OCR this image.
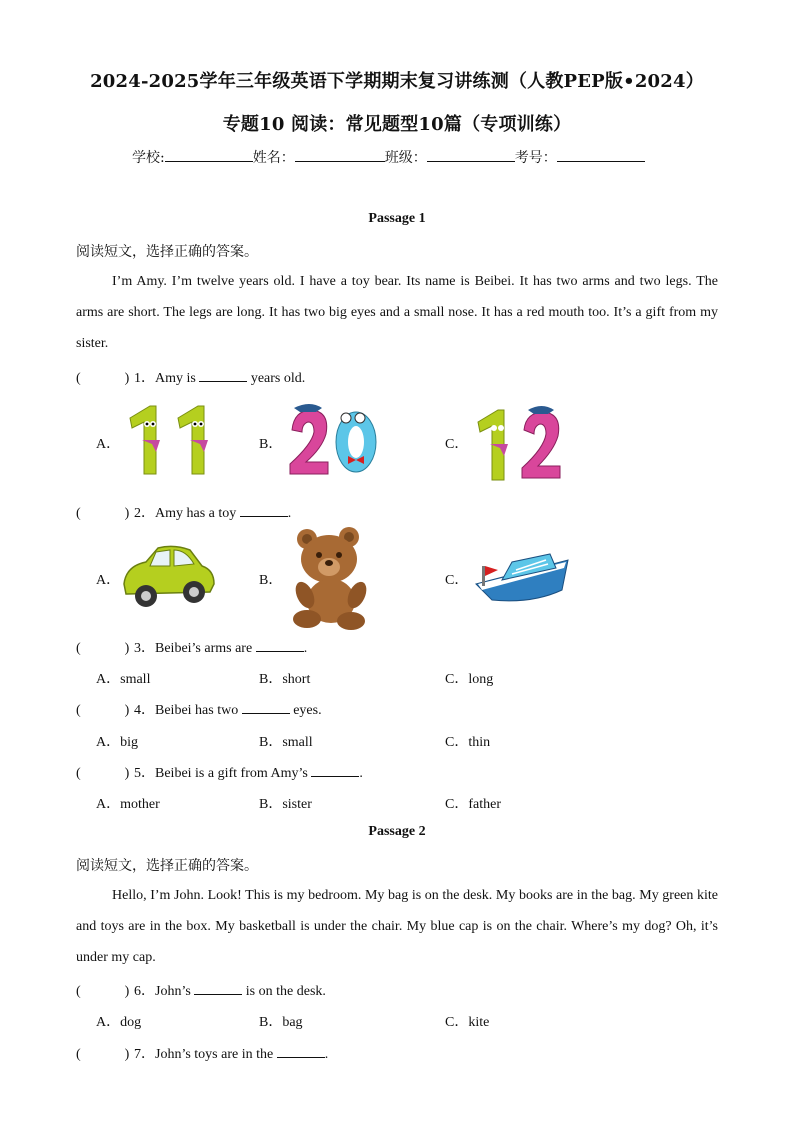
2024-2025学年三年级英语下学期期末复习讲练测（人教PEP版•2024）
专题10 阅读：常见题型10篇（专项训练）
学校:	姓名：	班级：	考号：
Passage 1
阅读短文，选择正确的答案。

I’m Amy. I’m twelve years old. I have a toy bear. Its name is Beibei. It has two arms and two legs. The arms are short. The legs are long. It has two big eyes and a small nose. It has a red mouth too. It’s a gift from my sister.

(	) 1．Amy is	years old.
A．	B．	C．
(	) 2．Amy has a toy	.
A．	B．	C．
(	) 3．Beibei’s arms are	.
A．small	B．short	C．long
(	) 4．Beibei has two	eyes.
A．big	B．small	C．thin
(	) 5．Beibei is a gift from Amy’s	.
A．mother	B．sister	C．father
Passage 2
阅读短文，选择正确的答案。

Hello, I’m John. Look! This is my bedroom. My bag is on the desk. My books are in the bag. My green kite and toys are in the box. My basketball is under the chair. My blue cap is on the chair. Where’s my dog? Oh, it’s under my cap.

(	) 6．John’s	is on the desk.
A．dog	B．bag	C．kite
(	) 7．John’s toys are in the	.
